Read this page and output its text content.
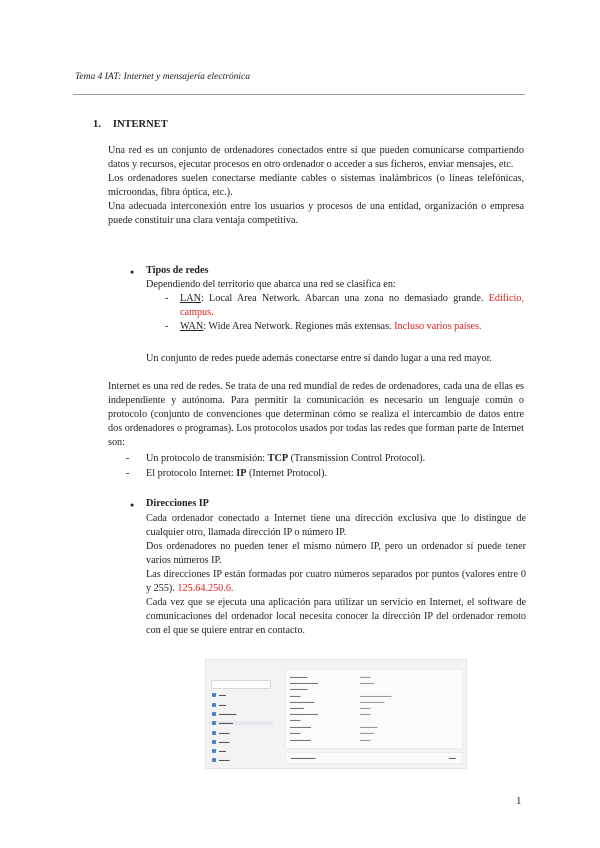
Tema 4 IAT: Internet y mensajería electrónica
1. INTERNET

Una red es un conjunto de ordenadores conectados entre sí que pueden comunicarse compartiendo datos y recursos, ejecutar procesos en otro ordenador o acceder a sus ficheros, enviar mensajes, etc.

Los ordenadores suelen conectarse mediante cables o sistemas inalámbricos (o líneas telefónicas, microondas, fibra óptica, etc.).

Una adecuada interconexión entre los usuarios y procesos de una entidad, organización o empresa puede constituir una clara ventaja competitiva.

● Tipos de redes

Dependiendo del territorio que abarca una red se clasifica en:

- LAN: Local Area Network. Abarcan una zona no demasiado grande. Edificio, campus.
- WAN: Wide Area Network. Regiones más extensas. Incluso varios países.

Un conjunto de redes puede además conectarse entre sí dando lugar a una red mayor.

Internet es una red de redes. Se trata de una red mundial de redes de ordenadores, cada una de ellas es independiente y autónoma. Para permitir la comunicación es necesario un lenguaje común o protocolo (conjunto de convenciones que determinan cómo se realiza el intercambio de datos entre dos ordenadores o programas). Los protocolos usados por todas las redes que forman parte de Internet son:

- Un protocolo de transmisión: TCP (Transmission Control Protocol).
- El protocolo Internet: IP (Internet Protocol).
● Direcciones IP

Cada ordenador conectado a Internet tiene una dirección exclusiva que lo distingue de cualquier otro, llamada dirección IP o número IP.

Dos ordenadores no pueden tener el mismo número IP, pero un ordenador sí puede tener varios números IP.

Las direcciones IP están formadas por cuatro números separados por puntos (valores entre 0 y 255). 125.64.250.6.

Cada vez que se ejecuta una aplicación para utilizar un servicio en Internet, el software de comunicaciones del ordenador local necesita conocer la dirección IP del ordenador remoto con el que se quiere entrar en contacto.

▬▬
▬▬
▬▬▬▬▬
▬▬▬▬
▬▬▬
▬▬▬
▬▬
▬▬▬
▬▬▬▬▬	▬▬▬
▬▬▬▬▬▬▬▬	▬▬▬▬
▬▬▬▬▬
▬▬▬	▬▬▬▬▬▬▬▬▬
▬▬▬▬▬▬▬	▬▬▬▬▬▬▬
▬▬▬▬	▬▬▬
▬▬▬▬▬▬▬▬	▬▬▬
▬▬▬
▬▬▬▬▬▬	▬▬▬▬▬
▬▬▬	▬▬▬▬
▬▬▬▬▬▬	▬▬▬
▬▬▬▬▬▬▬	▬▬
1
